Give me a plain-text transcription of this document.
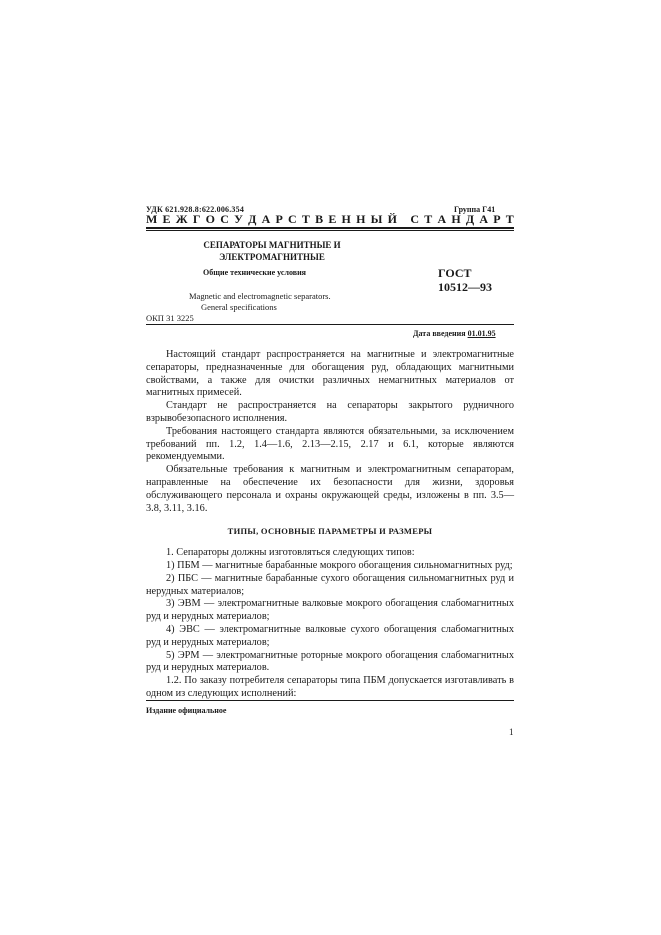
УДК 621.928.8:622.006.354	Группа Г41
М Е Ж Г О С У Д А Р С Т В Е Н Н Ы Й
С Т А Н Д А Р Т
СЕПАРАТОРЫ МАГНИТНЫЕ И
ЭЛЕКТРОМАГНИТНЫЕ
Общие технические условия	ГОСТ
10512—93
Magnetic and electromagnetic separators.
General specifications
ОКП 31 3225
Дата введения 01.01.95

Настоящий стандарт распространяется на магнитные и электромагнитные сепараторы, предназначенные для обогащения руд, обладающих магнитными свойствами, а также для очистки различных немагнитных материалов от магнитных примесей.

Стандарт не распространяется на сепараторы закрытого рудничного взрывобезопасного исполнения.

Требования настоящего стандарта являются обязательными, за исключением требований пп. 1.2, 1.4—1.6, 2.13—2.15, 2.17 и 6.1, которые являются рекомендуемыми.

Обязательные требования к магнитным и электромагнитным сепараторам, направленные на обеспечение их безопасности для жизни, здоровья обслуживающего персонала и охраны окружающей среды, изложены в пп. 3.5—3.8, 3.11, 3.16.

ТИПЫ, ОСНОВНЫЕ ПАРАМЕТРЫ И РАЗМЕРЫ

1. Сепараторы должны изготовляться следующих типов:

1) ПБМ — магнитные барабанные мокрого обогащения сильномагнитных руд;

2) ПБС — магнитные барабанные сухого обогащения сильномагнитных руд и нерудных материалов;

3) ЭВМ — электромагнитные валковые мокрого обогащения слабомагнитных руд и нерудных материалов;

4) ЭВС — электромагнитные валковые сухого обогащения слабомагнитных руд и нерудных материалов;

5) ЭРМ — электромагнитные роторные мокрого обогащения слабомагнитных руд и нерудных материалов.

1.2. По заказу потребителя сепараторы типа ПБМ допускается изготавливать в одном из следующих исполнений:

Издание официальное
1
